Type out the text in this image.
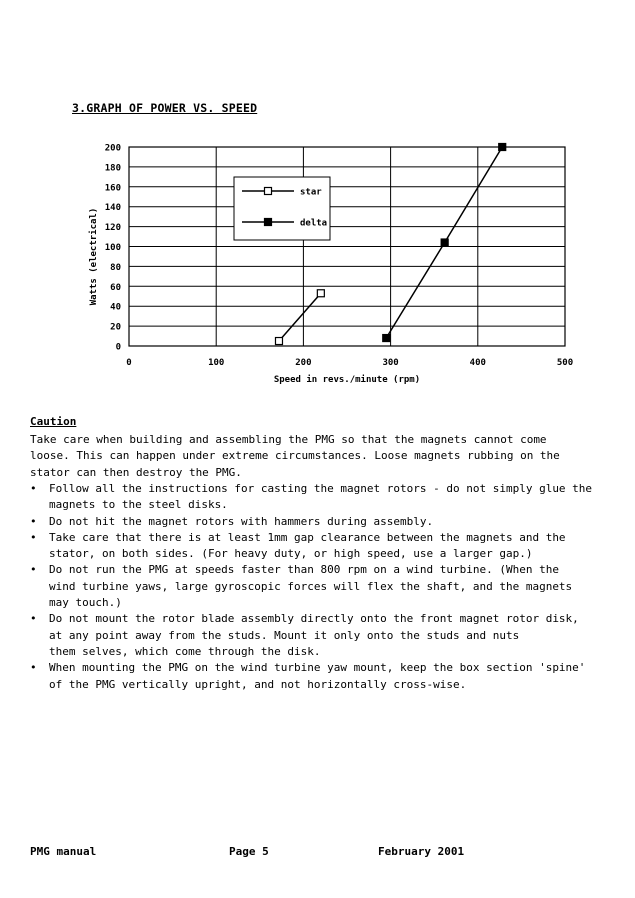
3.GRAPH OF POWER VS. SPEED
0
20
40
60
80
100
120
140
160
180
200
0	100	200	300	400	500
Speed in revs./minute (rpm)
Watts (electrical)
star
delta
Caution
Take care when building and assembling the PMG so that the magnets cannot come
loose. This can happen under extreme circumstances. Loose magnets rubbing on the
stator can then destroy the PMG.
• Follow all the instructions for casting the magnet rotors - do not simply glue the
magnets to the steel disks.
• Do not hit the magnet rotors with hammers during assembly.
• Take care that there is at least 1mm gap clearance between the magnets and the
stator, on both sides. (For heavy duty, or high speed, use a larger gap.)
• Do not run the PMG at speeds faster than 800 rpm on a wind turbine. (When the
wind turbine yaws, large gyroscopic forces will flex the shaft, and the magnets
may touch.)
• Do not mount the rotor blade assembly directly onto the front magnet rotor disk,
at any point away from the studs. Mount it only onto the studs and nuts
them selves, which come through the disk.
• When mounting the PMG on the wind turbine yaw mount, keep the box section 'spine'
of the PMG vertically upright, and not horizontally cross-wise.
PMG manual	Page 5	February 2001
